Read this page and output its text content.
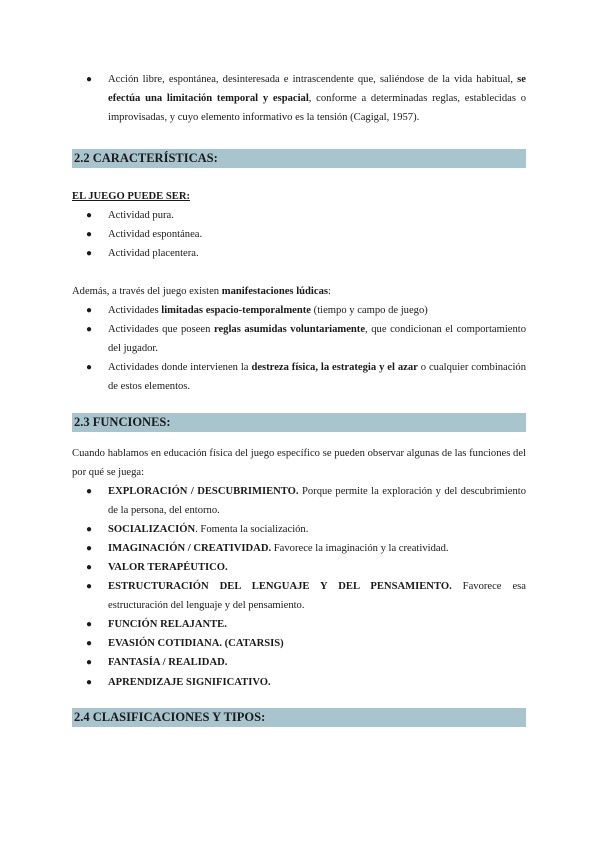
●	Acción libre, espontánea, desinteresada e intrascendente que, saliéndose de la vida habitual, se efectúa una limitación temporal y espacial, conforme a determinadas reglas, establecidas o improvisadas, y cuyo elemento informativo es la tensión (Cagigal, 1957).
2.2 CARACTERÍSTICAS:
EL JUEGO PUEDE SER:
●	Actividad pura.
●	Actividad espontánea.
●	Actividad placentera.
Además, a través del juego existen manifestaciones lúdicas:
●	Actividades limitadas espacio-temporalmente (tiempo y campo de juego)
●	Actividades que poseen reglas asumidas voluntariamente, que condicionan el comportamiento del jugador.
●	Actividades donde intervienen la destreza física, la estrategia y el azar o cualquier combinación de estos elementos.
2.3 FUNCIONES:
Cuando hablamos en educación física del juego específico se pueden observar algunas de las funciones del por qué se juega:
●	EXPLORACIÓN / DESCUBRIMIENTO. Porque permite la exploración y del descubrimiento de la persona, del entorno.
●	SOCIALIZACIÓN. Fomenta la socialización.
●	IMAGINACIÓN / CREATIVIDAD. Favorece la imaginación y la creatividad.
●	VALOR TERAPÉUTICO.
●	ESTRUCTURACIÓN DEL LENGUAJE Y DEL PENSAMIENTO. Favorece esa estructuración del lenguaje y del pensamiento.
●	FUNCIÓN RELAJANTE.
●	EVASIÓN COTIDIANA. (CATARSIS)
●	FANTASÍA / REALIDAD.
●	APRENDIZAJE SIGNIFICATIVO.
2.4 CLASIFICACIONES Y TIPOS:
